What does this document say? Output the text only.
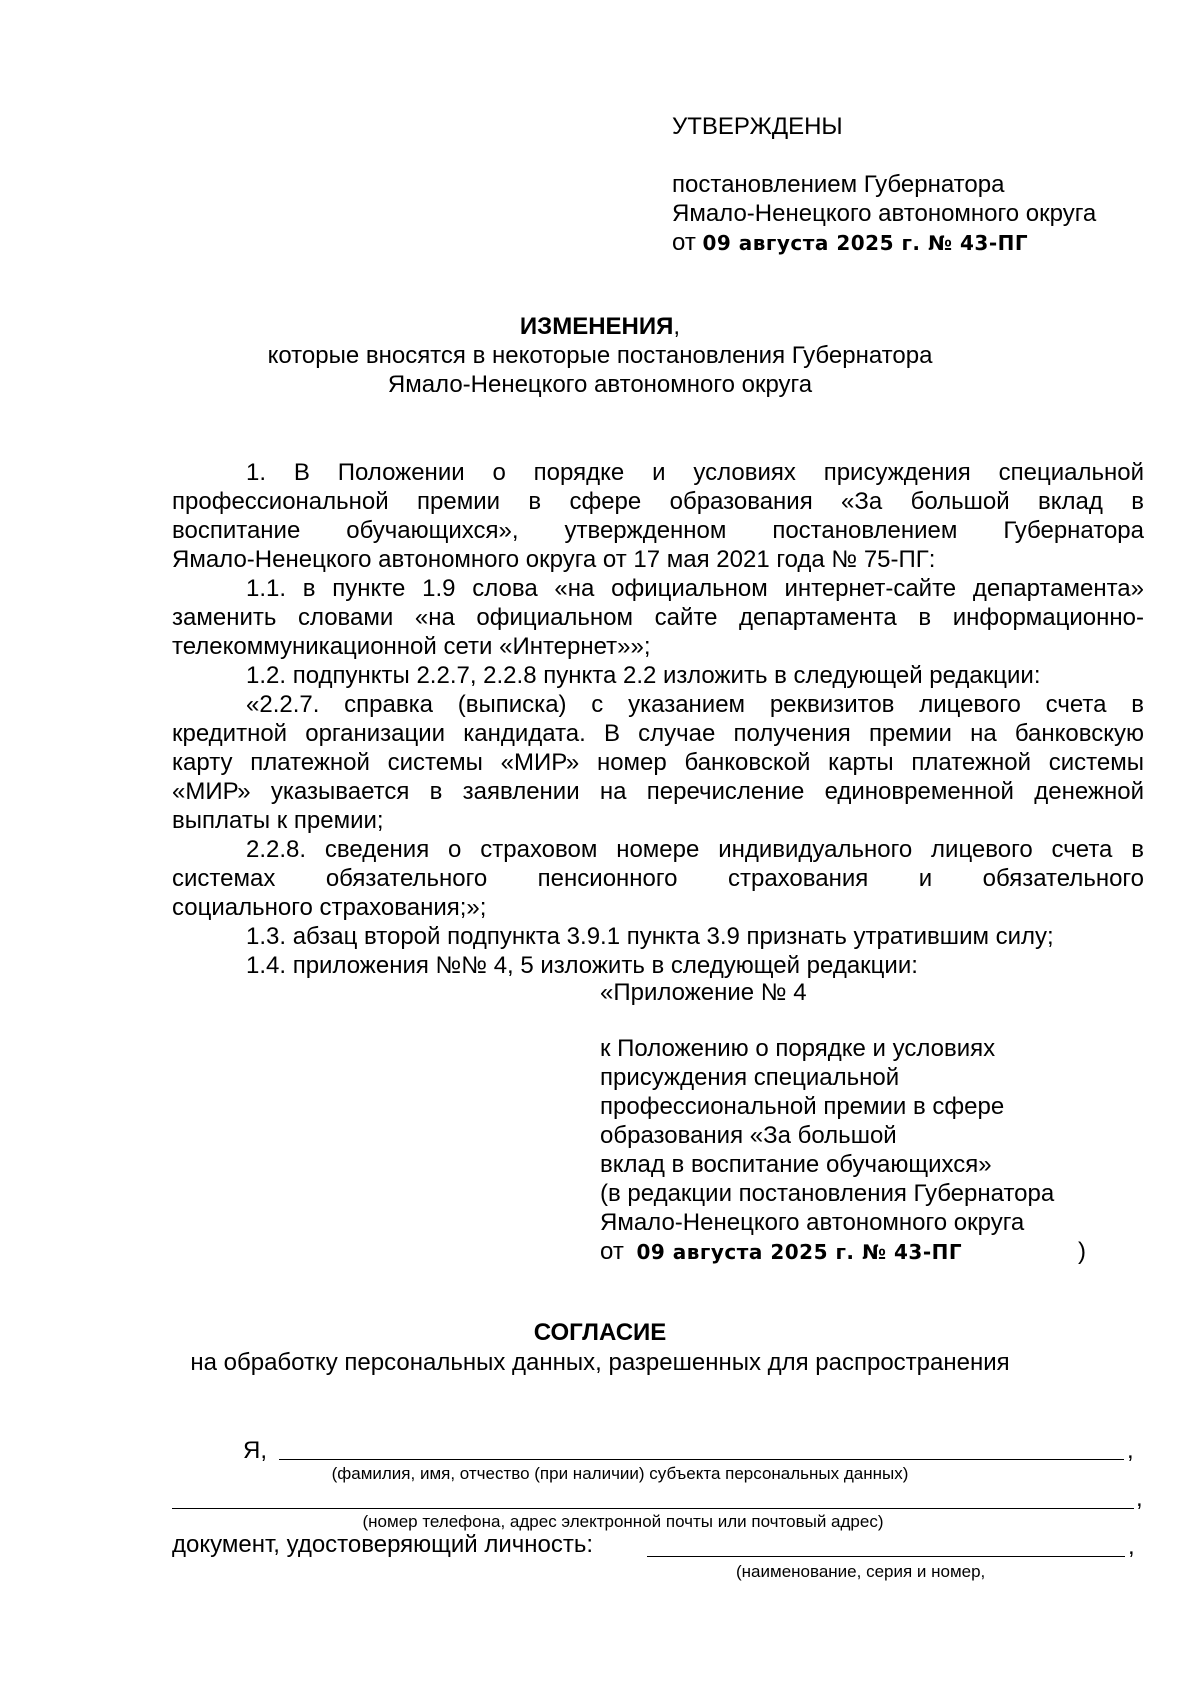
УТВЕРЖДЕНЫ
постановлением Губернатора
Ямало-Ненецкого автономного округа
от 09 августа 2025 г. № 43-ПГ
ИЗМЕНЕНИЯ,
которые вносятся в некоторые постановления Губернатора
Ямало-Ненецкого автономного округа
1. В Положении о порядке и условиях присуждения специальной
профессиональной премии в сфере образования «За большой вклад в
воспитание обучающихся», утвержденном постановлением Губернатора
Ямало-Ненецкого автономного округа от 17 мая 2021 года № 75-ПГ:
1.1. в пункте 1.9 слова «на официальном интернет-сайте департамента»
заменить словами «на официальном сайте департамента в информационно-
телекоммуникационной сети «Интернет»»;
1.2. подпункты 2.2.7, 2.2.8 пункта 2.2 изложить в следующей редакции:
«2.2.7. справка (выписка) с указанием реквизитов лицевого счета в
кредитной организации кандидата. В случае получения премии на банковскую
карту платежной системы «МИР» номер банковской карты платежной системы
«МИР» указывается в заявлении на перечисление единовременной денежной
выплаты к премии;
2.2.8. сведения о страховом номере индивидуального лицевого счета в
системах обязательного пенсионного страхования и обязательного
социального страхования;»;
1.3. абзац второй подпункта 3.9.1 пункта 3.9 признать утратившим силу;
1.4. приложения №№ 4, 5 изложить в следующей редакции:
«Приложение № 4
к Положению о порядке и условиях
присуждения специальной
профессиональной премии в сфере
образования «За большой
вклад в воспитание обучающихся»
(в редакции постановления Губернатора
Ямало-Ненецкого автономного округа
от 09 августа 2025 г. № 43-ПГ	)
СОГЛАСИЕ
на обработку персональных данных, разрешенных для распространения
Я,	,
(фамилия, имя, отчество (при наличии) субъекта персональных данных)
,
(номер телефона, адрес электронной почты или почтовый адрес)
документ, удостоверяющий личность:	,
(наименование, серия и номер,
